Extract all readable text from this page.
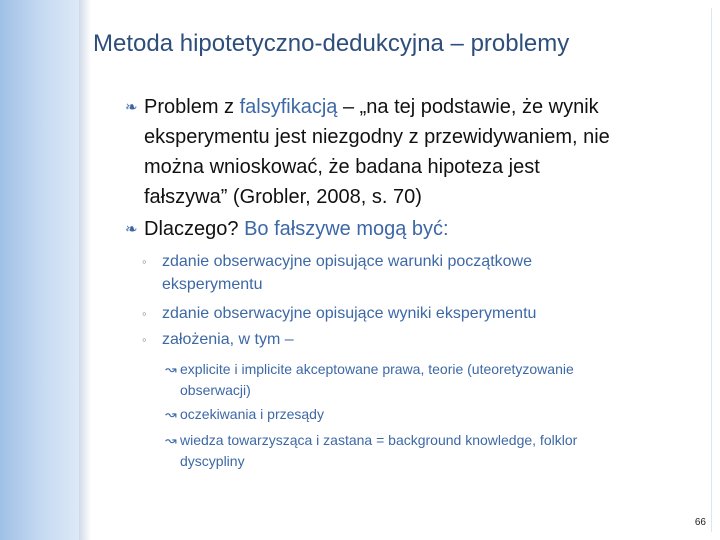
Metoda hipotetyczno-dedukcyjna – problemy
❧ Problem z falsyfikacją – „na tej podstawie, że wynik
eksperymentu jest niezgodny z przewidywaniem, nie
można wnioskować, że badana hipoteza jest
fałszywa” (Grobler, 2008, s. 70)
❧ Dlaczego? Bo fałszywe mogą być:
◦ zdanie obserwacyjne opisujące warunki początkowe
eksperymentu
◦ zdanie obserwacyjne opisujące wyniki eksperymentu
◦ założenia, w tym –
↝ explicite i implicite akceptowane prawa, teorie (uteoretyzowanie
obserwacji)
↝ oczekiwania i przesądy
↝ wiedza towarzysząca i zastana = background knowledge, folklor
dyscypliny
66
